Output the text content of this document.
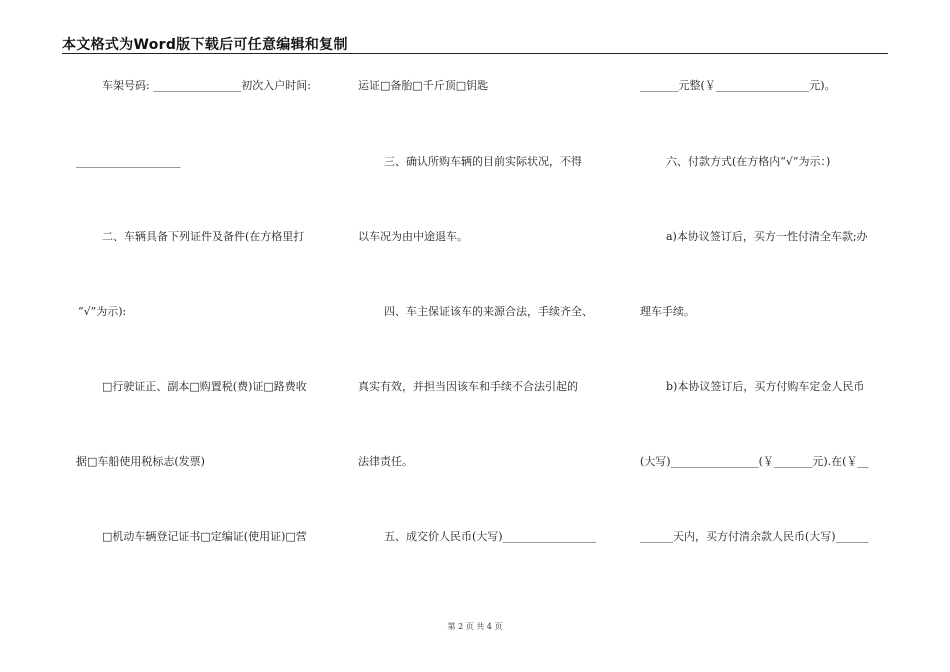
本文格式为Word版下载后可任意编辑和复制
车架号码: ________________初次入户时间:
___________________
二、车辆具备下列证件及备件(在方格里打
“√”为示):
□行驶证正、副本□购置税(费)证□路费收
据□车船使用税标志(发票)
□机动车辆登记证书□定编证(使用证)□营
运证□备胎□千斤顶□钥匙
三、确认所购车辆的目前实际状况，不得
以车况为由中途退车。
四、车主保证该车的来源合法，手续齐全、
真实有效，并担当因该车和手续不合法引起的
法律责任。
五、成交价人民币(大写)_________________
_______元整(￥_________________元)。
六、付款方式(在方格内“√”为示：)
a)本协议签订后，买方一性付清全车款;办
理车手续。
b)本协议签订后，买方付购车定金人民币
(大写)________________(￥_______元).在(￥__
______天内，买方付清余款人民币(大写)______
第 2 页 共 4 页
